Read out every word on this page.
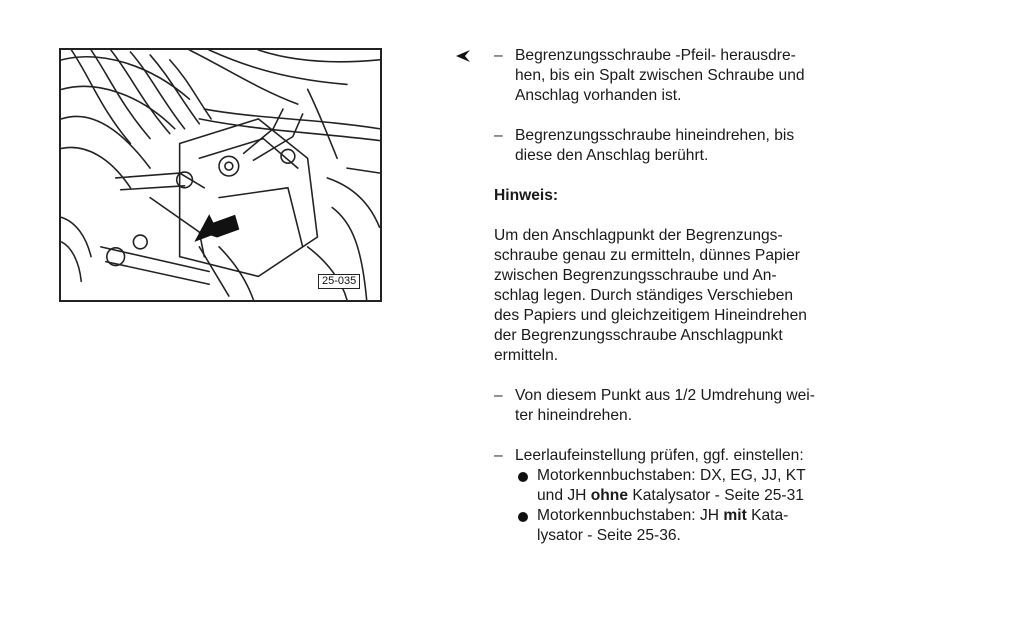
25-035
– Begrenzungsschraube -Pfeil- herausdre-
hen, bis ein Spalt zwischen Schraube und
Anschlag vorhanden ist.

– Begrenzungsschraube hineindrehen, bis
diese den Anschlag berührt.

Hinweis:

Um den Anschlagpunkt der Begrenzungs-
schraube genau zu ermitteln, dünnes Papier
zwischen Begrenzungsschraube und An-
schlag legen. Durch ständiges Verschieben
des Papiers und gleichzeitigem Hineindrehen
der Begrenzungsschraube Anschlagpunkt
ermitteln.

– Von diesem Punkt aus 1/2 Umdrehung wei-
ter hineindrehen.

– Leerlaufeinstellung prüfen, ggf. einstellen:

Motorkennbuchstaben: DX, EG, JJ, KT
und JH ohne Katalysator - Seite 25-31

Motorkennbuchstaben: JH mit Kata-
lysator - Seite 25-36.
